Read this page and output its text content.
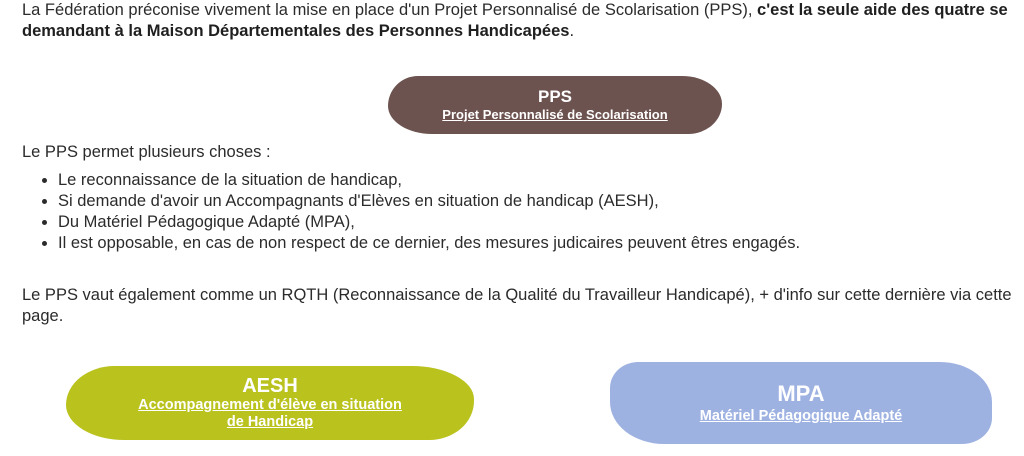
La Fédération préconise vivement la mise en place d'un Projet Personnalisé de Scolarisation (PPS), c'est la seule aide des quatre se demandant à la Maison Départementales des Personnes Handicapées.

PPS
Projet Personnalisé de Scolarisation

Le PPS permet plusieurs choses :

• Le reconnaissance de la situation de handicap,
• Si demande d'avoir un Accompagnants d'Elèves en situation de handicap (AESH),
• Du Matériel Pédagogique Adapté (MPA),
• Il est opposable, en cas de non respect de ce dernier, des mesures judicaires peuvent êtres engagés.

Le PPS vaut également comme un RQTH (Reconnaissance de la Qualité du Travailleur Handicapé), + d'info sur cette dernière via cette page.

AESH
Accompagnement d'élève en situation
de Handicap
MPA
Matériel Pédagogique Adapté
